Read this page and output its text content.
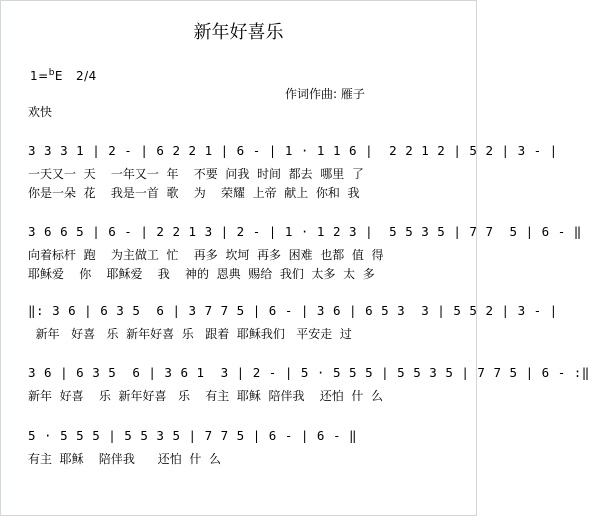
新年好喜乐
1=$^b$E 2/4
作词作曲: 雁子
欢快
3 3 3 1 | 2 - | 6 2 2 1 | 6 - | 1 · 1 1 6 |  2 2 1 2 | 5 2 | 3 - |
一天又一  天    一年又一  年    不要  问我  时间  都去  哪里  了
你是一朵  花    我是一首  歌    为    荣耀  上帝  献上  你和  我
3 6 6 5 | 6 - | 2 2 1 3 | 2 - | 1 · 1 2 3 |  5 5 3 5 | 7 7  5 | 6 - ‖
向着标杆  跑    为主做工  忙    再多  坎坷  再多  困难  也都  值  得
耶稣爱    你    耶稣爱    我    神的  恩典  赐给  我们  太多  太  多
‖: 3 6 | 6 3 5  6 | 3 7 7 5 | 6 - | 3 6 | 6 5 3  3 | 5 5 2 | 3 - |
新年   好喜   乐  新年好喜  乐   跟着  耶稣我们   平安走  过
3 6 | 6 3 5  6 | 3 6 1  3 | 2 - | 5 · 5 5 5 | 5 5 3 5 | 7 7 5 | 6 - :‖
新年  好喜    乐  新年好喜   乐    有主  耶稣  陪伴我    还怕  什  么
5 · 5 5 5 | 5 5 3 5 | 7 7 5 | 6 - | 6 - ‖
有主  耶稣    陪伴我      还怕  什  么
